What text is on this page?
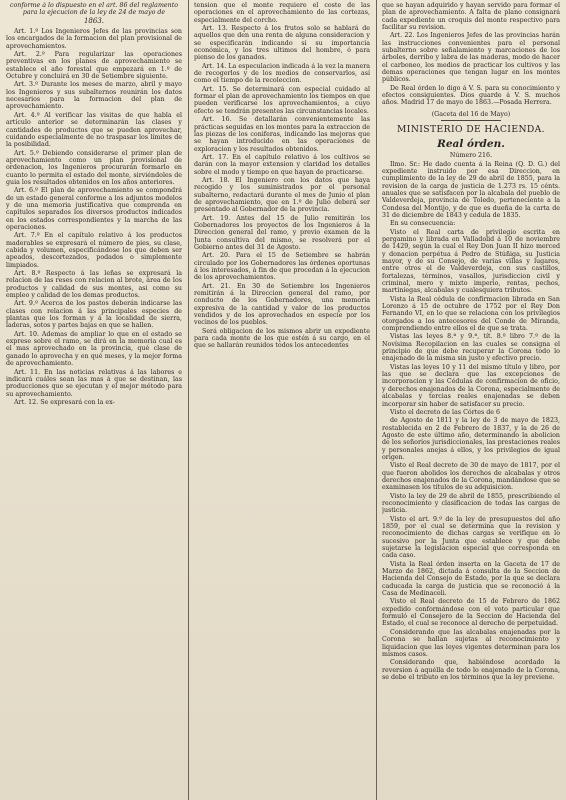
conforme á lo dispuesto en el art. 86 del reglamento para la ejecucion de la ley de 24 de mayo de

1863.

Art. 1.º Los Ingenieros Jefes de las provincias son los encargados de la formacion del plan provisional de aprovechamientos.

Art. 2.º Para regularizar las operaciones preventivas en los planes de aprovechamiento se establece el año forestal que empezará en 1.º de Octubre y concluirá en 30 de Setiembre siguiente.

Art. 3.º Durante los meses de marzo, abril y mayo los Ingenieros y sus subalternos reunirán los datos necesarios para la formacion del plan de aprovechamiento.

Art. 4.º Al verificar las visitas de que habla el artículo anterior se determinarán las clases y cantidades de productos que se pueden aprovechar, cuidando especialmente de no traspasar los límites de la posibilidad.

Art. 5.º Debiendo considerarse el primer plan de aprovechamiento como un plan provisional de ordenacion, los Ingenieros procurarán formarlo en cuanto lo permita el estado del monte, sirviéndoles de guia los resultados obtenidos en los años anteriores.

Art. 6.º El plan de aprovechamiento se compondrá de un estado general conforme a los adjuntos modelos y de una memoria justificativa que comprenda en capítulos separados los diversos productos indicados en los estados correspondientes y la marcha de las operaciones.

Art. 7.º En el capítulo relativo á los productos maderables se expresará el número de pies, su clase, cabida y volumen, especificándose los que deben ser apeados, descortezados, podados o simplemente limpiados.

Art. 8.º Respecto á las leñas se expresará la relacion de las reses con relacion al brote, área de los productos y calidad de sus montes, asi como su empleo y calidad de los demas productos.

Art. 9.º Acerca de los pastos deberán indicarse las clases con relacion á las principales especies de plantas que los forman y á la localidad de sierra, laderas, sotos y partes bajas en que se hallen.

Art. 10. Ademas de ampliar lo que en el estado se exprese sobre el ramo, se dirá en la memoria cual es el mas aprovechado en la provincia, qué clase de ganado lo aprovecha y en qué meses, y la mejor forma de aprovechamiento.

Art. 11. En las noticias relativas á las labores e indicará cuáles sean las mas á que se destinan, las producciones que se ejecutan y el mejor método para su aprovechamiento.

Art. 12. Se expresará con la ex-

tension que el monte requiere el coste de las operaciones en el aprovechamiento de las cortezas, especialmente del corcho.

Art. 13. Respecto á los frutos solo se hablará de aquellos que den una renta de alguna consideracion y se especificarán indicando si su importancia económica, y los tres ultimos del hombre, ó para pienso de los ganados.

Art. 14. La especulacion indicada á la vez la manera de recogerlos y de los medios de conservarlos, así como el tiempo de la recoleccion.

Art. 15. Se determinará con especial cuidado al formar el plan de aprovechamiento los tiempos en que pueden verificarse los aprovechamientos, a cuyo efecto se tendrán presentes las circunstancias locales.

Art. 16. Se detallarán convenientemente las prácticas seguidas en los montes para la extraccion de las piezas de los coniferas, indicando las mejoras que se hayan introducido en las operaciones de exploracion y los resultados obtenidos.

Art. 17. En el capítulo relativo á los cultivos se darán con la mayor extension y claridad los detalles sobre el modo y tiempo en que hayan de practicarse.

Art. 18. El Ingeniero con los datos que haya recogido y los suministrados por el personal subalterno, redactará durante el mes de Junio el plan de aprovechamiento, que en 1.º de Julio deberá ser presentado al Gobernador de la provincia.

Art. 19. Antes del 15 de Julio remitirán los Gobernadores los proyectos de los Ingenieros á la Direccion general del ramo, y previo examen de la Junta consultiva del mismo, se resolverá por el Gobierno antes del 31 de Agosto.

Art. 20. Para el 15 de Setiembre se habrán circulado por los Gobernadores las órdenes oportunas á los interesados, á fin de que procedan á la ejecucion de los aprovechamientos.

Art. 21. En 30 de Setiembre los Ingenieros remitirán á la Direccion general del ramo, por conducto de los Gobernadores, una memoria expresiva de la cantidad y valor de los productos vendidos y de los aprovechados en especie por los vecinos de los pueblos.

Será obligacion de los mismos abrir un expediente para cada monte de los que estén á su cargo, en el que se hallarán reunidos todos los antecedentes

que se hayan adquirido y hayan servido para formar el plan de aprovechamiento. A falta de plano consignará cada expediente un croquis del monte respectivo para facilitar su revision.

Art. 22. Los Ingenieros Jefes de las provincias harán las instrucciones convenientes para el personal subalterno sobre señalamiento y marcaciones de los árboles, derribo y labra de las maderas, modo de hacer el carboneo, los medios de practicar los cultivos y las demas operaciones que tengan lugar en los montes públicos.

De Real órden lo digo á V. S. para su conocimiento y efectos consiguientes. Dios guarde á V. S. muchos años. Madrid 17 de mayo de 1863.—Posada Herrera.

(Gaceta del 16 de Mayo)

MINISTERIO DE HACIENDA.

Real órden.

Número 216.

Ilmo. Sr.: He dado cuenta á la Reina (Q. D. G.) del expediente instruido por esa Direccion, en cumplimiento de la ley de 29 de abril de 1855, para la revision de la carga de justicia de 1.273 rs. 15 cénts. anuales que se satisfacen por la alcabala del pueblo de Valdeverdeja, provincia de Toledo, perteneciente a la Condesa del Montijo, y de que es dueña de la carta de 31 de diciembre de 1843 y cedula de 1835.

En su consecuencia:

Visto el Real carta de privilegio escrita en pergamino y librada en Valladolid á 10 de noviembre de 1429, según la cual el Rey Don Juan II hizo merced y donacion perpétua á Pedro de Stúñiga, su Justicia mayor, y de su Consejo, de varias villas y lugares, entre otros el de Valdeverdeja, con sus castillos, fortalezas, términos, vasallos, jurisdiccion civil y criminal, mero y mixto imperio, rentas, pechos, martiniegas, alcabalas y cualesquiera tributos.

Vista la Real cédula de confirmacion librada en San Lorenzo á 15 de octubre de 1752 por el Rey Don Fernando VI, en lo que se relaciona con los privilegios otorgados a los antecesores del Conde de Miranda, comprendiendo entre ellos el de que se trata.

Vistas las leyes 8.ª y 9.ª, tít. 8.º libro 7.º de la Novísima Recopilacion en las cuales se consigna el principio de que debe recuperar la Corona todo lo enajenado de la misma sin justo y efectivo precio.

Vistas las leyes 10 y 11 del mismo título y libro, por las que se declara que las excepciones de incorporacion y las Cédulas de confirmacion de oficio, y derechos enajenados de la Corona, especialmente de alcabalas y tercias reales enajenadas se deben incorporar sin haber de satisfacer su precio.

Visto el decreto de las Córtes de 6

de Agosto de 1811 y la ley de 3 de mayo de 1823, restablecida en 2 de Febrero de 1837, y la de 26 de Agosto de este último año, determinando la abolicion de los señoríos jurisdiccionales, las prestaciones reales y personales anejas á ellos, y los privilegios de igual origen.

Visto el Real decreto de 30 de mayo de 1817, por el que fueron abolidos los derechos de alcabalas y otros derechos enajenados de la Corona, mandándose que se examinasen los títulos de su adquisicion.

Visto la ley de 29 de abril de 1855, prescribiendo el reconocimiento y clasificacion de todas las cargas de justicia.

Visto el art. 9.º de la ley de presupuestos del año 1859, por el cual se determina que la revision y reconocimiento de dichas cargas se verifique en lo sucesivo por la Junta que establece y que debe sujetarse la legislacion especial que corresponda en cada caso.

Vista la Real órden inserta en la Gaceta de 17 de Marzo de 1862, dictada á consulta de la Seccion de Hacienda del Consejo de Estado, por la que se declara caducada la carga de justicia que se reconoció á la Casa de Medinaceli.

Visto el Real decreto de 15 de Febrero de 1862 expedido conformándose con el voto particular que formuló el Consejero de la Seccion de Hacienda del Estado, el cual se reconoce al derecho de perpetuidad.

Considerando que las alcabalas enajenadas por la Corona se hallan sujetas al reconocimiento y liquidacion que las leyes vigentes determinan para los mismos casos.

Considerando que, habiéndose acordado la reversion á aquélla de todo lo enajenado de la Corona, se debe el tributo en los términos que la ley previene.
